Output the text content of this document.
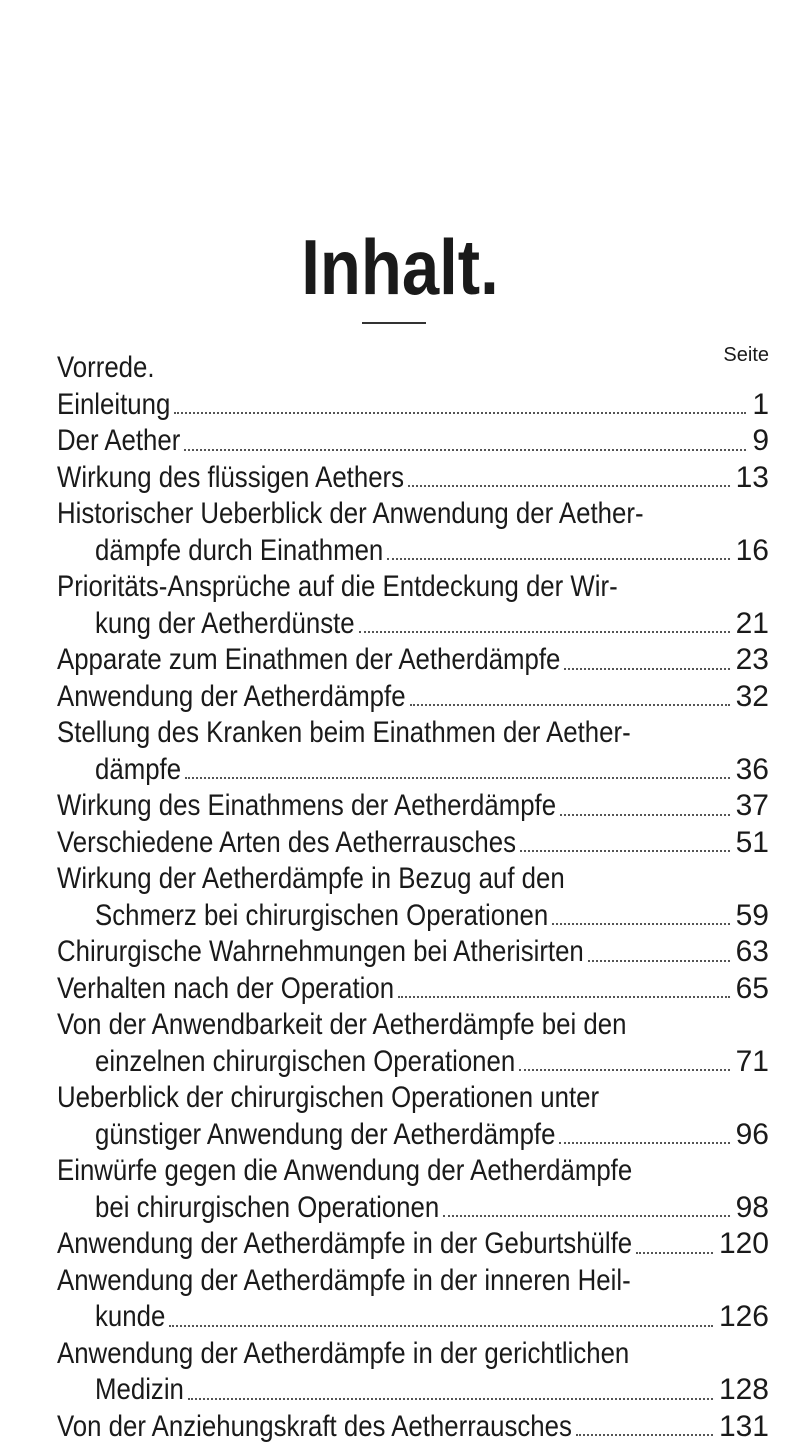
Inhalt.
Seite
Vorrede.
Einleitung	1
Der Aether	9
Wirkung des flüssigen Aethers	13
Historischer Ueberblick der Anwendung der Aether-
dämpfe durch Einathmen	16
Prioritäts-Ansprüche auf die Entdeckung der Wir-
kung der Aetherdünste	21
Apparate zum Einathmen der Aetherdämpfe	23
Anwendung der Aetherdämpfe	32
Stellung des Kranken beim Einathmen der Aether-
dämpfe	36
Wirkung des Einathmens der Aetherdämpfe	37
Verschiedene Arten des Aetherrausches	51
Wirkung der Aetherdämpfe in Bezug auf den
Schmerz bei chirurgischen Operationen	59
Chirurgische Wahrnehmungen bei Atherisirten	63
Verhalten nach der Operation	65
Von der Anwendbarkeit der Aetherdämpfe bei den
einzelnen chirurgischen Operationen	71
Ueberblick der chirurgischen Operationen unter
günstiger Anwendung der Aetherdämpfe	96
Einwürfe gegen die Anwendung der Aetherdämpfe
bei chirurgischen Operationen	98
Anwendung der Aetherdämpfe in der Geburtshülfe	120
Anwendung der Aetherdämpfe in der inneren Heil-
kunde	126
Anwendung der Aetherdämpfe in der gerichtlichen
Medizin	128
Von der Anziehungskraft des Aetherrausches	131
